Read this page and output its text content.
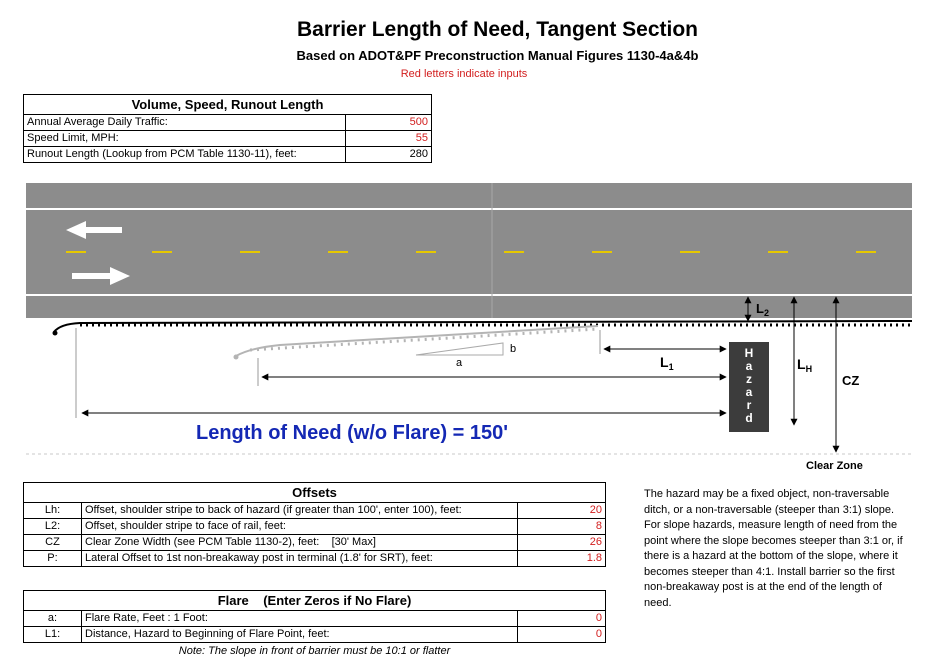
Barrier Length of Need, Tangent Section
Based on ADOT&PF Preconstruction Manual Figures 1130-4a&4b
Red letters indicate inputs
Volume, Speed, Runout Length	
Annual Average Daily Traffic:	500
Speed Limit, MPH:	55
Runout Length (Lookup from PCM Table 1130-11), feet:	280
a
b
$L_1$
H a z a r d
$L_2$
$L_H$
CZ
Clear Zone
Length of Need (w/o Flare) = 150'
Offsets		
Lh:	Offset, shoulder stripe to back of hazard (if greater than 100', enter 100), feet:	20
L2:	Offset, shoulder stripe to face of rail, feet:	8
CZ	Clear Zone Width (see PCM Table 1130-2), feet:    [30' Max]	26
P:	Lateral Offset to 1st non-breakaway post in terminal (1.8' for SRT), feet:	1.8
Flare    (Enter Zeros if No Flare)		
a:	Flare Rate, Feet : 1 Foot:	0
L1:	Distance, Hazard to Beginning of Flare Point, feet:	0
Note: The slope in front of barrier must be 10:1 or flatter
The hazard may be a fixed object, non-traversable ditch, or a non-traversable (steeper than 3:1) slope. For slope hazards, measure length of need from the point where the slope becomes steeper than 3:1 or, if there is a hazard at the bottom of the slope, where it becomes steeper than 4:1. Install barrier so the first non-breakaway post is at the end of the length of need.
